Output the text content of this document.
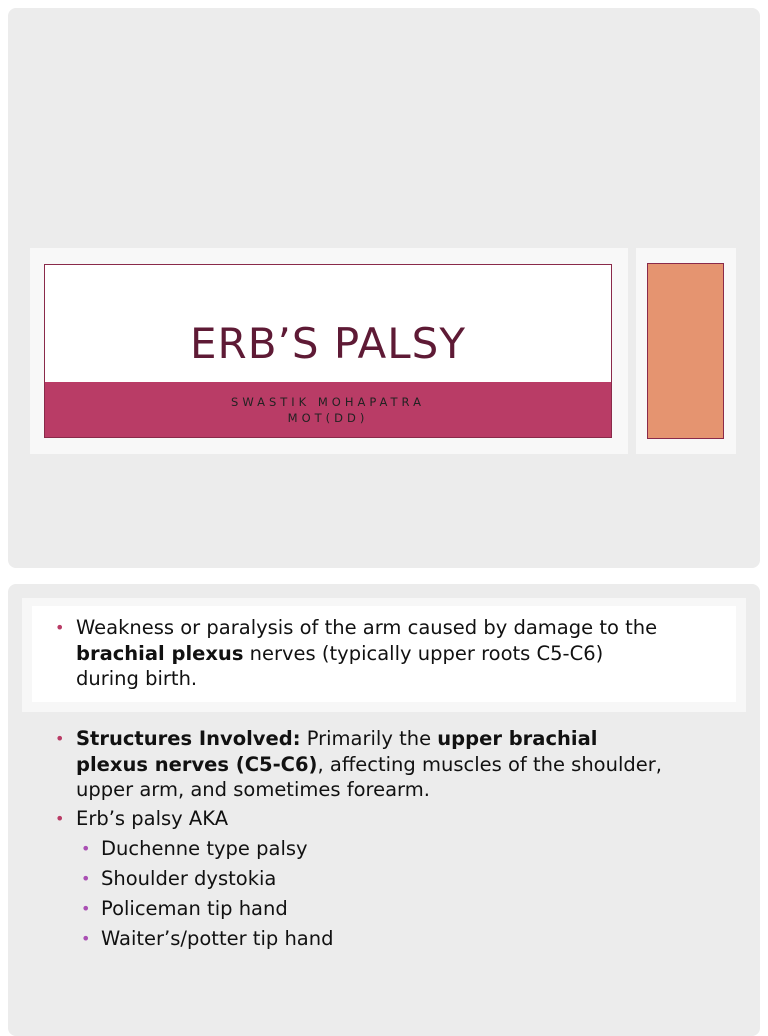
ERB’S PALSY
SWASTIK MOHAPATRA
MOT(DD)
• Weakness or paralysis of the arm caused by damage to the
brachial plexus nerves (typically upper roots C5-C6)
during birth.
• Structures Involved: Primarily the upper brachial
plexus nerves (C5-C6), affecting muscles of the shoulder,
upper arm, and sometimes forearm.
• Erb’s palsy AKA
• Duchenne type palsy
• Shoulder dystokia
• Policeman tip hand
• Waiter’s/potter tip hand
